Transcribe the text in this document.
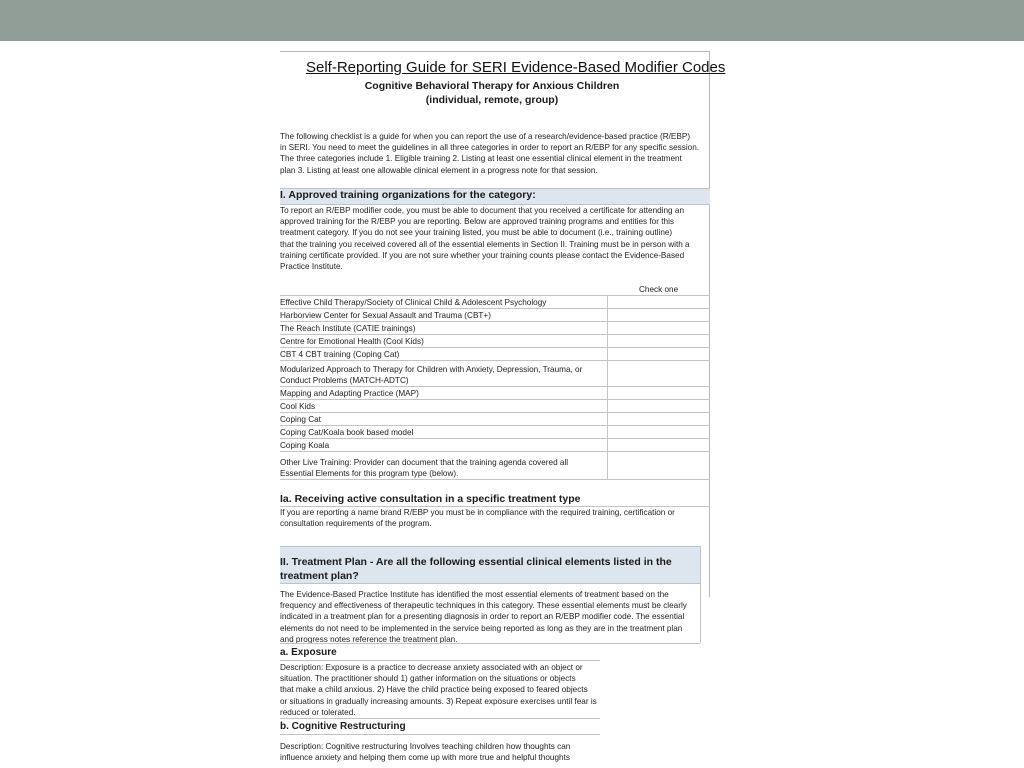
Self-Reporting Guide for SERI Evidence-Based Modifier Codes
Cognitive Behavioral Therapy for Anxious Children
(individual, remote, group)
The following checklist is a guide for when you can report the use of a research/evidence-based practice (R/EBP)
in SERI. You need to meet the guidelines in all three categories in order to report an R/EBP for any specific session.
The three categories include 1. Eligible training 2. Listing at least one essential clinical element in the treatment
plan 3. Listing at least one allowable clinical element in a progress note for that session.
I. Approved training organizations for the category:
To report an R/EBP modifier code, you must be able to document that you received a certificate for attending an
approved training for the R/EBP you are reporting. Below are approved training programs and entities for this
treatment category. If you do not see your training listed, you must be able to document (i.e., training outline)
that the training you received covered all of the essential elements in Section II. Training must be in person with a
training certificate provided. If you are not sure whether your training counts please contact the Evidence-Based
Practice Institute.
Check one
Effective Child Therapy/Society of Clinical Child & Adolescent Psychology
Harborview Center for Sexual Assault and Trauma (CBT+)
The Reach Institute (CATIE trainings)
Centre for Emotional Health (Cool Kids)
CBT 4 CBT training (Coping Cat)
Modularized Approach to Therapy for Children with Anxiety, Depression, Trauma, or
Conduct Problems (MATCH-ADTC)
Mapping and Adapting Practice (MAP)
Cool Kids
Coping Cat
Coping Cat/Koala book based model
Coping Koala
Other Live Training: Provider can document that the training agenda covered all
Essential Elements for this program type (below).
Ia. Receiving active consultation in a specific treatment type
If you are reporting a name brand R/EBP you must be in compliance with the required training, certification or
consultation requirements of the program.
II. Treatment Plan - Are all the following essential clinical elements listed in the
treatment plan?
The Evidence-Based Practice Institute has identified the most essential elements of treatment based on the
frequency and effectiveness of therapeutic techniques in this category. These essential elements must be clearly
indicated in a treatment plan for a presenting diagnosis in order to report an R/EBP modifier code. The essential
elements do not need to be implemented in the service being reported as long as they are in the treatment plan
and progress notes reference the treatment plan.
a. Exposure
Description: Exposure is a practice to decrease anxiety associated with an object or
situation. The practitioner should 1) gather information on the situations or objects
that make a child anxious. 2) Have the child practice being exposed to feared objects
or situations in gradually increasing amounts. 3) Repeat exposure exercises until fear is
reduced or tolerated.
b. Cognitive Restructuring
Description: Cognitive restructuring Involves teaching children how thoughts can
influence anxiety and helping them come up with more true and helpful thoughts
